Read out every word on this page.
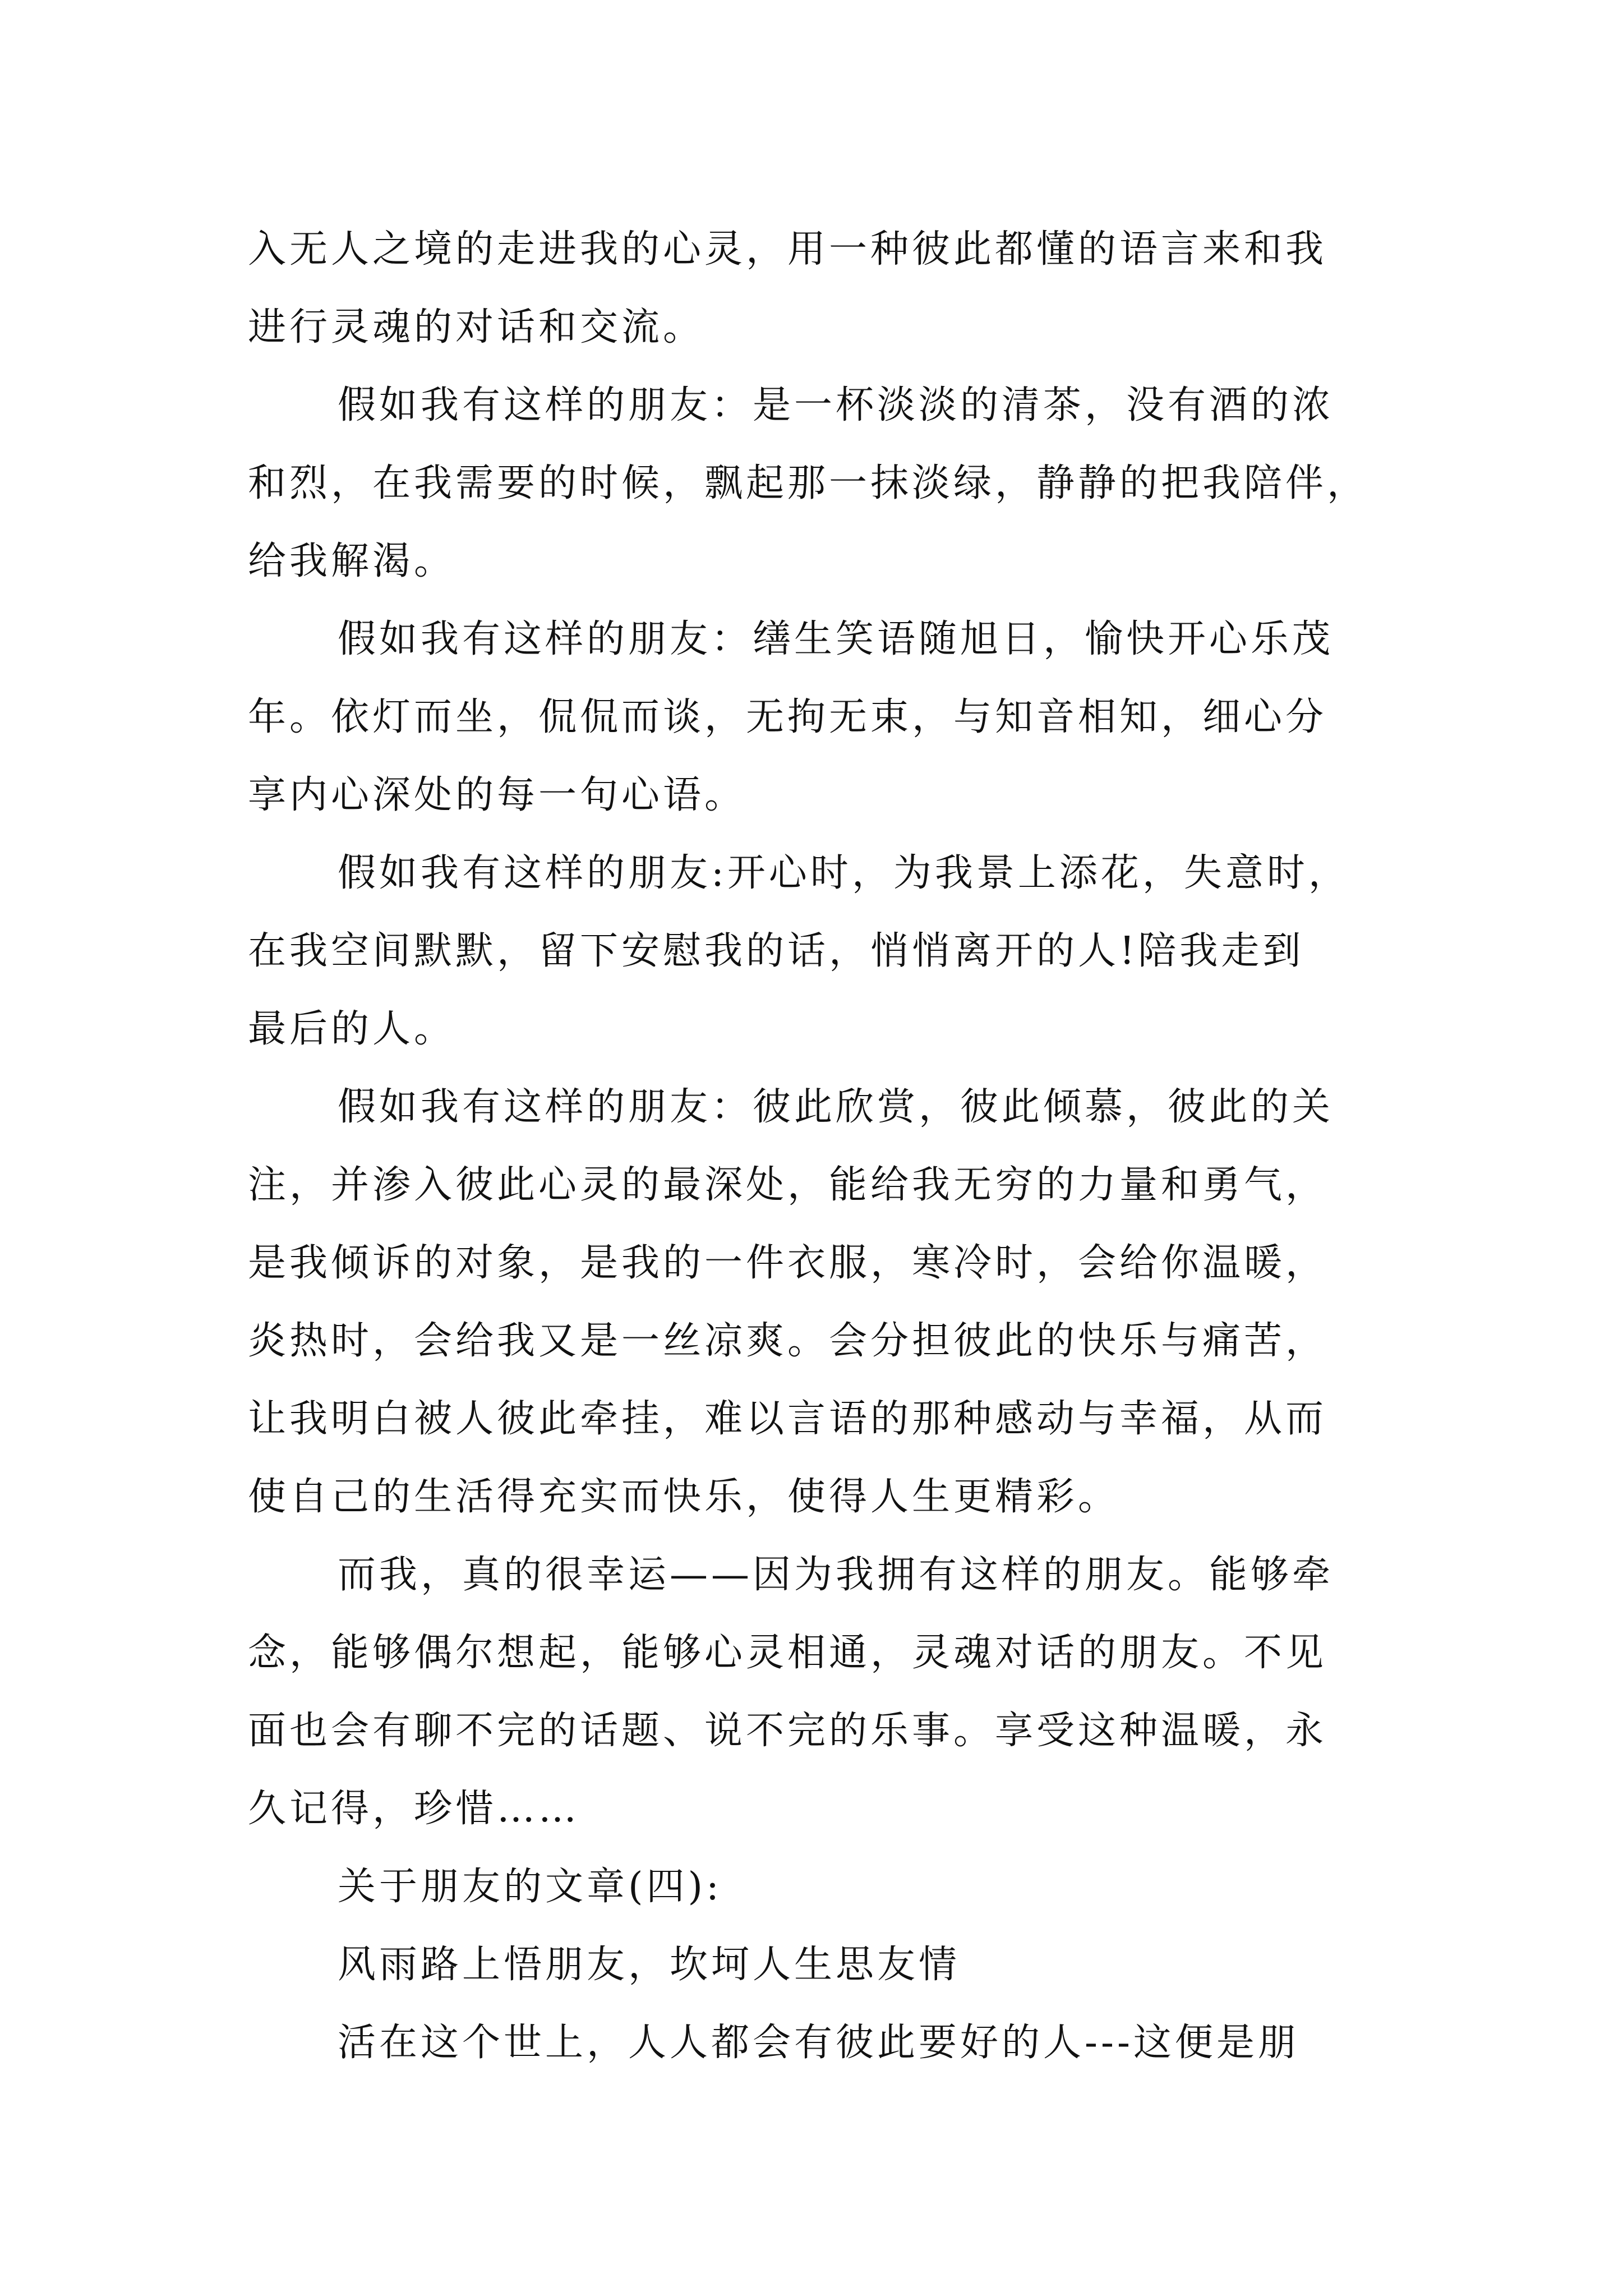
入无人之境的走进我的心灵，用一种彼此都懂的语言来和我
进行灵魂的对话和交流。
假如我有这样的朋友：是一杯淡淡的清茶，没有酒的浓
和烈，在我需要的时候，飘起那一抹淡绿，静静的把我陪伴，
给我解渴。
假如我有这样的朋友：缮生笑语随旭日，愉快开心乐茂
年。依灯而坐，侃侃而谈，无拘无束，与知音相知，细心分
享内心深处的每一句心语。
假如我有这样的朋友:开心时，为我景上添花，失意时，
在我空间默默，留下安慰我的话，悄悄离开的人!陪我走到
最后的人。
假如我有这样的朋友：彼此欣赏，彼此倾慕，彼此的关
注，并渗入彼此心灵的最深处，能给我无穷的力量和勇气，
是我倾诉的对象，是我的一件衣服，寒冷时，会给你温暖，
炎热时，会给我又是一丝凉爽。会分担彼此的快乐与痛苦，
让我明白被人彼此牵挂，难以言语的那种感动与幸福，从而
使自己的生活得充实而快乐，使得人生更精彩。
而我，真的很幸运——因为我拥有这样的朋友。能够牵
念，能够偶尔想起，能够心灵相通，灵魂对话的朋友。不见
面也会有聊不完的话题、说不完的乐事。享受这种温暖，永
久记得，珍惜……
关于朋友的文章(四):
风雨路上悟朋友，坎坷人生思友情
活在这个世上，人人都会有彼此要好的人---这便是朋
